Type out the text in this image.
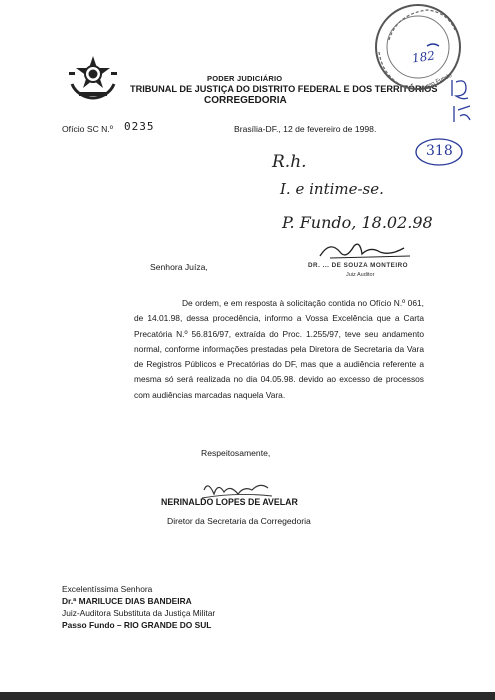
PODER JUDICIÁRIO
TRIBUNAL DE JUSTIÇA DO DISTRITO FEDERAL E DOS TERRITÓRIOS
CORREGEDORIA
182
Passo Fundo
318
Ofício SC N.º 0235	Brasília-DF., 12 de fevereiro de 1998.
R.h.
I. e intime-se.
P. Fundo, 18.02.98
DR. ... DE SOUZA MONTEIRO
Juiz Auditor
Senhora Juíza,
De ordem, e em resposta à solicitação contida no Ofício N.º 061, de 14.01.98, dessa procedência, informo a Vossa Excelência que a Carta Precatória N.º 56.816/97, extraída do Proc. 1.255/97, teve seu andamento normal, conforme informações prestadas pela Diretora de Secretaria da Vara de Registros Públicos e Precatórias do DF, mas que a audiência referente a mesma só será realizada no dia 04.05.98. devido ao excesso de processos com audiências marcadas naquela Vara.
Respeitosamente,
NERINALDO LOPES DE AVELAR
Diretor da Secretaria da Corregedoria
Excelentíssima Senhora
Dr.ª MARILUCE DIAS BANDEIRA
Juiz-Auditora Substituta da Justiça Militar
Passo Fundo – RIO GRANDE DO SUL
